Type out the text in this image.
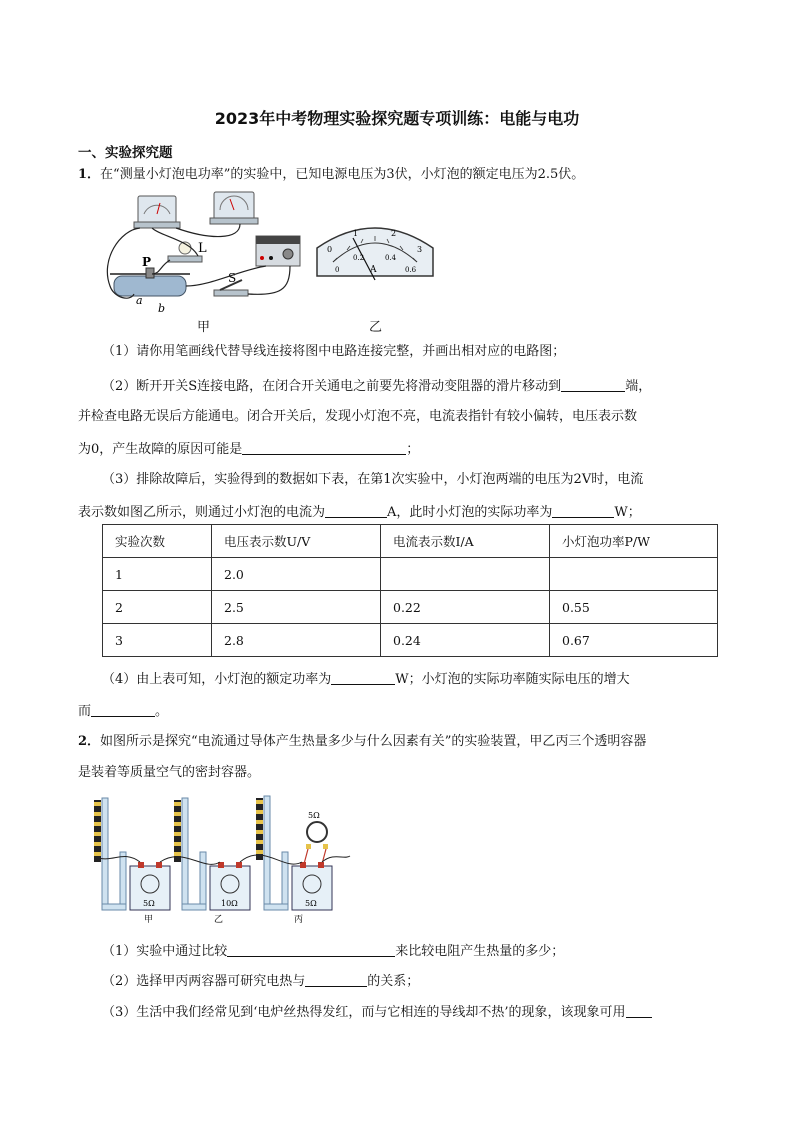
2023年中考物理实验探究题专项训练：电能与电功
一、实验探究题
1．在“测量小灯泡电功率”的实验中，已知电源电压为3伏，小灯泡的额定电压为2.5伏。
L
P
a
b
S
甲
0
1	2
3
0
0.2	0.4
0.6
A
乙
（1）请你用笔画线代替导线连接将图中电路连接完整，并画出相对应的电路图；
（2）断开开关S连接电路，在闭合开关通电之前要先将滑动变阻器的滑片移动到	端，
并检查电路无误后方能通电。闭合开关后，发现小灯泡不亮，电流表指针有较小偏转，电压表示数
为0，产生故障的原因可能是	；
（3）排除故障后，实验得到的数据如下表，在第1次实验中，小灯泡两端的电压为2V时，电流
表示数如图乙所示，则通过小灯泡的电流为	A，此时小灯泡的实际功率为	W；
实验次数	电压表示数U/V	电流表示数I/A	小灯泡功率P/W
1	2.0		
2	2.5	0.22	0.55
3	2.8	0.24	0.67
（4）由上表可知，小灯泡的额定功率为	W；小灯泡的实际功率随实际电压的增大
而	。
2．如图所示是探究“电流通过导体产生热量多少与什么因素有关”的实验装置，甲乙丙三个透明容器
是装着等质量空气的密封容器。
5Ω
甲
10Ω
乙
5Ω
丙
5Ω
（1）实验中通过比较	来比较电阻产生热量的多少；
（2）选择甲丙两容器可研究电热与	的关系；
（3）生活中我们经常见到‘电炉丝热得发红，而与它相连的导线却不热’的现象，该现象可用
